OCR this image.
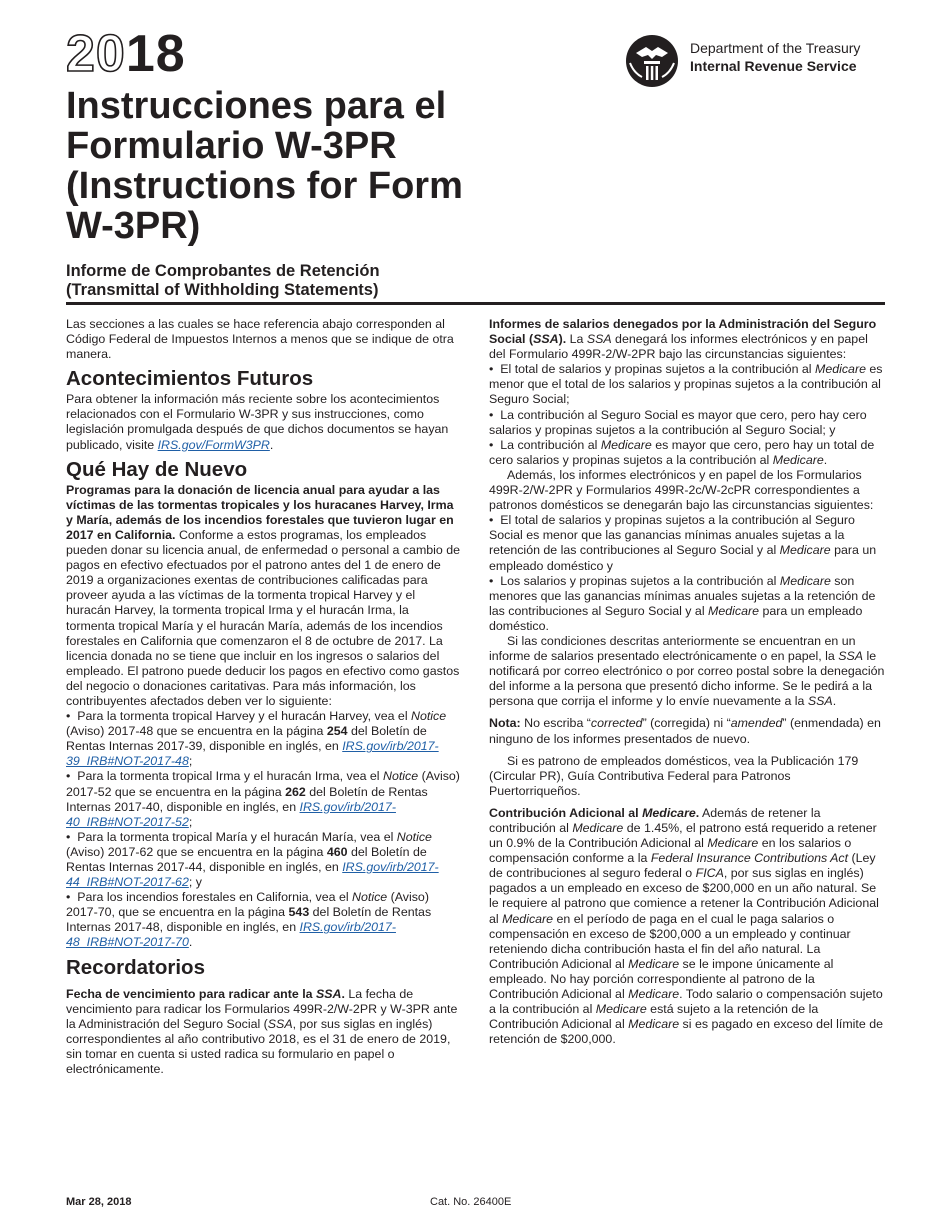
2018
Instrucciones para el Formulario W-3PR (Instructions for Form W-3PR)
Informe de Comprobantes de Retención
(Transmittal of Withholding Statements)
Department of the Treasury
Internal Revenue Service

Las secciones a las cuales se hace referencia abajo corresponden al Código Federal de Impuestos Internos a menos que se indique de otra manera.

Acontecimientos Futuros

Para obtener la información más reciente sobre los acontecimientos relacionados con el Formulario W-3PR y sus instrucciones, como legislación promulgada después de que dichos documentos se hayan publicado, visite IRS.gov/FormW3PR.

Qué Hay de Nuevo

Programas para la donación de licencia anual para ayudar a las víctimas de las tormentas tropicales y los huracanes Harvey, Irma y María, además de los incendios forestales que tuvieron lugar en 2017 en California. Conforme a estos programas, los empleados pueden donar su licencia anual, de enfermedad o personal a cambio de pagos en efectivo efectuados por el patrono antes del 1 de enero de 2019 a organizaciones exentas de contribuciones calificadas para proveer ayuda a las víctimas de la tormenta tropical Harvey y el huracán Harvey, la tormenta tropical Irma y el huracán Irma, la tormenta tropical María y el huracán María, además de los incendios forestales en California que comenzaron el 8 de octubre de 2017. La licencia donada no se tiene que incluir en los ingresos o salarios del empleado. El patrono puede deducir los pagos en efectivo como gastos del negocio o donaciones caritativas. Para más información, los contribuyentes afectados deben ver lo siguiente:

•  Para la tormenta tropical Harvey y el huracán Harvey, vea el Notice (Aviso) 2017-48 que se encuentra en la página 254 del Boletín de Rentas Internas 2017-39, disponible en inglés, en IRS.gov/irb/2017-39_IRB#NOT-2017-48;

•  Para la tormenta tropical Irma y el huracán Irma, vea el Notice (Aviso) 2017-52 que se encuentra en la página 262 del Boletín de Rentas Internas 2017-40, disponible en inglés, en IRS.gov/irb/2017-40_IRB#NOT-2017-52;

•  Para la tormenta tropical María y el huracán María, vea el Notice (Aviso) 2017-62 que se encuentra en la página 460 del Boletín de Rentas Internas 2017-44, disponible en inglés, en IRS.gov/irb/2017-44_IRB#NOT-2017-62; y

•  Para los incendios forestales en California, vea el Notice (Aviso) 2017-70, que se encuentra en la página 543 del Boletín de Rentas Internas 2017-48, disponible en inglés, en IRS.gov/irb/2017-48_IRB#NOT-2017-70.

Recordatorios

Fecha de vencimiento para radicar ante la SSA. La fecha de vencimiento para radicar los Formularios 499R-2/W-2PR y W-3PR ante la Administración del Seguro Social (SSA, por sus siglas en inglés) correspondientes al año contributivo 2018, es el 31 de enero de 2019, sin tomar en cuenta si usted radica su formulario en papel o electrónicamente.

Informes de salarios denegados por la Administración del Seguro Social (SSA). La SSA denegará los informes electrónicos y en papel del Formulario 499R-2/W-2PR bajo las circunstancias siguientes:

•  El total de salarios y propinas sujetos a la contribución al Medicare es menor que el total de los salarios y propinas sujetos a la contribución al Seguro Social;

•  La contribución al Seguro Social es mayor que cero, pero hay cero salarios y propinas sujetos a la contribución al Seguro Social; y

•  La contribución al Medicare es mayor que cero, pero hay un total de cero salarios y propinas sujetos a la contribución al Medicare.

Además, los informes electrónicos y en papel de los Formularios 499R-2/W-2PR y Formularios 499R-2c/W-2cPR correspondientes a patronos domésticos se denegarán bajo las circunstancias siguientes:

•  El total de salarios y propinas sujetos a la contribución al Seguro Social es menor que las ganancias mínimas anuales sujetas a la retención de las contribuciones al Seguro Social y al Medicare para un empleado doméstico y

•  Los salarios y propinas sujetos a la contribución al Medicare son menores que las ganancias mínimas anuales sujetas a la retención de las contribuciones al Seguro Social y al Medicare para un empleado doméstico.

Si las condiciones descritas anteriormente se encuentran en un informe de salarios presentado electrónicamente o en papel, la SSA le notificará por correo electrónico o por correo postal sobre la denegación del informe a la persona que presentó dicho informe. Se le pedirá a la persona que corrija el informe y lo envíe nuevamente a la SSA.

Nota: No escriba “corrected” (corregida) ni “amended” (enmendada) en ninguno de los informes presentados de nuevo.

Si es patrono de empleados domésticos, vea la Publicación 179 (Circular PR), Guía Contributiva Federal para Patronos Puertorriqueños.

Contribución Adicional al Medicare. Además de retener la contribución al Medicare de 1.45%, el patrono está requerido a retener un 0.9% de la Contribución Adicional al Medicare en los salarios o compensación conforme a la Federal Insurance Contributions Act (Ley de contribuciones al seguro federal o FICA, por sus siglas en inglés) pagados a un empleado en exceso de $200,000 en un año natural. Se le requiere al patrono que comience a retener la Contribución Adicional al Medicare en el período de paga en el cual le paga salarios o compensación en exceso de $200,000 a un empleado y continuar reteniendo dicha contribución hasta el fin del año natural. La Contribución Adicional al Medicare se le impone únicamente al empleado. No hay porción correspondiente al patrono de la Contribución Adicional al Medicare. Todo salario o compensación sujeto a la contribución al Medicare está sujeto a la retención de la Contribución Adicional al Medicare si es pagado en exceso del límite de retención de $200,000.

Mar 28, 2018	Cat. No. 26400E
